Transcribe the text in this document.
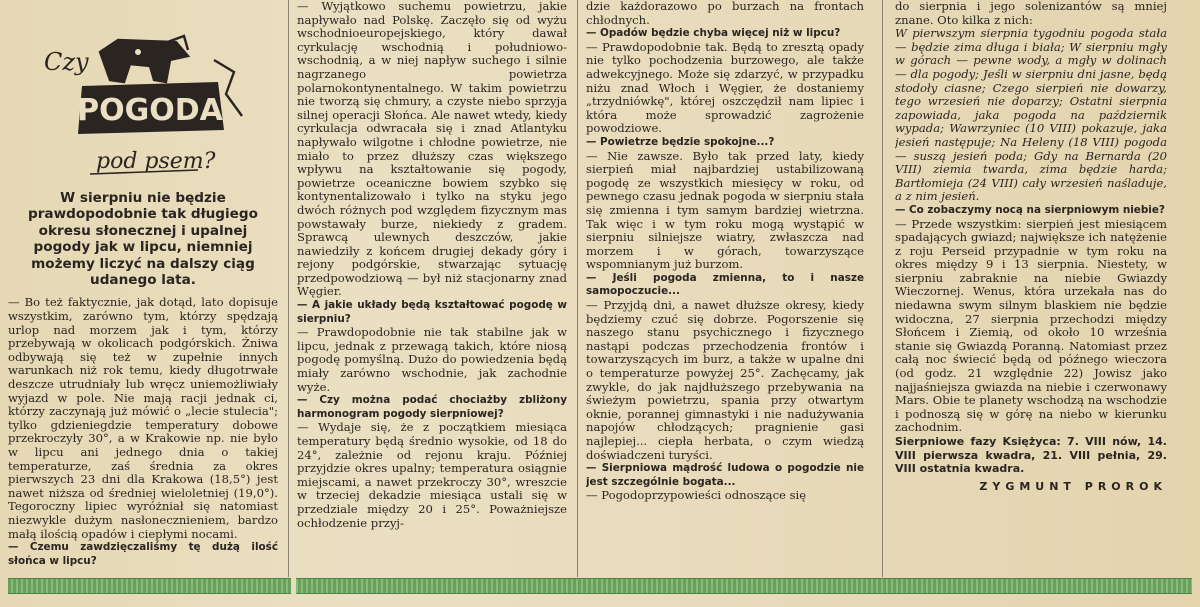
Czy
POGODA
pod psem?

W sierpniu nie będzie prawdopodobnie tak długiego okresu słonecznej i upalnej pogody jak w lipcu, niemniej możemy liczyć na dalszy ciąg udanego lata.

— Bo też faktycznie, jak dotąd, lato dopisuje wszystkim, zarówno tym, którzy spędzają urlop nad morzem jak i tym, którzy przebywają w okolicach podgórskich. Żniwa odbywają się też w zupełnie innych warunkach niż rok temu, kiedy długotrwałe deszcze utrudniały lub wręcz uniemożliwiały wyjazd w pole. Nie mają racji jednak ci, którzy zaczynają już mówić o „lecie stulecia"; tylko gdzieniegdzie temperatury dobowe przekroczyły 30°, a w Krakowie np. nie było w lipcu ani jednego dnia o takiej temperaturze, zaś średnia za okres pierwszych 23 dni dla Krakowa (18,5°) jest nawet niższa od średniej wieloletniej (19,0°). Tegoroczny lipiec wyróżniał się natomiast niezwykle dużym nasłonecznieniem, bardzo małą ilością opadów i ciepłymi nocami.

— Czemu zawdzięczaliśmy tę dużą ilość słońca w lipcu?

— Wyjątkowo suchemu powietrzu, jakie napływało nad Polskę. Zaczęło się od wyżu wschodnioeuropejskiego, który dawał cyrkulację wschodnią i południowo-wschodnią, a w niej napływ suchego i silnie nagrzanego powietrza polarnokontynentalnego. W takim powietrzu nie tworzą się chmury, a czyste niebo sprzyja silnej operacji Słońca. Ale nawet wtedy, kiedy cyrkulacja odwracała się i znad Atlantyku napływało wilgotne i chłodne powietrze, nie miało to przez dłuższy czas większego wpływu na kształtowanie się pogody, powietrze oceaniczne bowiem szybko się kontynentalizowało i tylko na styku jego dwóch różnych pod względem fizycznym mas powstawały burze, niekiedy z gradem. Sprawcą ulewnych deszczów, jakie nawiedziły z końcem drugiej dekady góry i rejony podgórskie, stwarzając sytuację przedpowodziową — był niż stacjonarny znad Węgier.

— A jakie układy będą kształtować pogodę w sierpniu?

— Prawdopodobnie nie tak stabilne jak w lipcu, jednak z przewagą takich, które niosą pogodę pomyślną. Dużo do powiedzenia będą miały zarówno wschodnie, jak zachodnie wyże.

— Czy można podać chociażby zbliżony harmonogram pogody sierpniowej?

— Wydaje się, że z początkiem miesiąca temperatury będą średnio wysokie, od 18 do 24°, zależnie od rejonu kraju. Później przyjdzie okres upalny; temperatura osiągnie miejscami, a nawet przekroczy 30°, wreszcie w trzeciej dekadzie miesiąca ustali się w przedziale między 20 i 25°. Poważniejsze ochłodzenie przyj-

dzie każdorazowo po burzach na frontach chłodnych.

— Opadów będzie chyba więcej niż w lipcu?

— Prawdopodobnie tak. Będą to zresztą opady nie tylko pochodzenia burzowego, ale także adwekcyjnego. Może się zdarzyć, w przypadku niżu znad Włoch i Węgier, że dostaniemy „trzydniówkę", której oszczędził nam lipiec i która może sprowadzić zagrożenie powodziowe.

— Powietrze będzie spokojne...?

— Nie zawsze. Było tak przed laty, kiedy sierpień miał najbardziej ustabilizowaną pogodę ze wszystkich miesięcy w roku, od pewnego czasu jednak pogoda w sierpniu stała się zmienna i tym samym bardziej wietrzna. Tak więc i w tym roku mogą wystąpić w sierpniu silniejsze wiatry, zwłaszcza nad morzem i w górach, towarzyszące wspomnianym już burzom.

— Jeśli pogoda zmienna, to i nasze samopoczucie...

— Przyjdą dni, a nawet dłuższe okresy, kiedy będziemy czuć się dobrze. Pogorszenie się naszego stanu psychicznego i fizycznego nastąpi podczas przechodzenia frontów i towarzyszących im burz, a także w upalne dni o temperaturze powyżej 25°. Zachęcamy, jak zwykle, do jak najdłuższego przebywania na świeżym powietrzu, spania przy otwartym oknie, porannej gimnastyki i nie nadużywania napojów chłodzących; pragnienie gasi najlepiej... ciepła herbata, o czym wiedzą doświadczeni turyści.

— Sierpniowa mądrość ludowa o pogodzie nie jest szczególnie bogata...

— Pogodoprzypowieści odnoszące się

do sierpnia i jego solenizantów są mniej znane. Oto kilka z nich:

W pierwszym sierpnia tygodniu pogoda stała — będzie zima długa i biała; W sierpniu mgły w górach — pewne wody, a mgły w dolinach — dla pogody; Jeśli w sierpniu dni jasne, będą stodoły ciasne; Czego sierpień nie dowarzy, tego wrzesień nie doparzy; Ostatni sierpnia zapowiada, jaka pogoda na październik wypada; Wawrzyniec (10 VIII) pokazuje, jaka jesień następuje; Na Heleny (18 VIII) pogoda — suszą jesień poda; Gdy na Bernarda (20 VIII) ziemia twarda, zima będzie harda; Bartłomieja (24 VIII) cały wrzesień naśladuje, a z nim jesień.

— Co zobaczymy nocą na sierpniowym niebie?

— Przede wszystkim: sierpień jest miesiącem spadających gwiazd; największe ich natężenie z roju Perseid przypadnie w tym roku na okres między 9 i 13 sierpnia. Niestety, w sierpniu zabraknie na niebie Gwiazdy Wieczornej. Wenus, która urzekała nas do niedawna swym silnym blaskiem nie będzie widoczna, 27 sierpnia przechodzi między Słońcem i Ziemią, od około 10 września stanie się Gwiazdą Poranną. Natomiast przez całą noc świecić będą od późnego wieczora (od godz. 21 względnie 22) Jowisz jako najjaśniejsza gwiazda na niebie i czerwonawy Mars. Obie te planety wschodzą na wschodzie i podnoszą się w górę na niebo w kierunku zachodnim.

Sierpniowe fazy Księżyca: 7. VIII nów, 14. VIII pierwsza kwadra, 21. VIII pełnia, 29. VIII ostatnia kwadra.

ZYGMUNT PROROK
